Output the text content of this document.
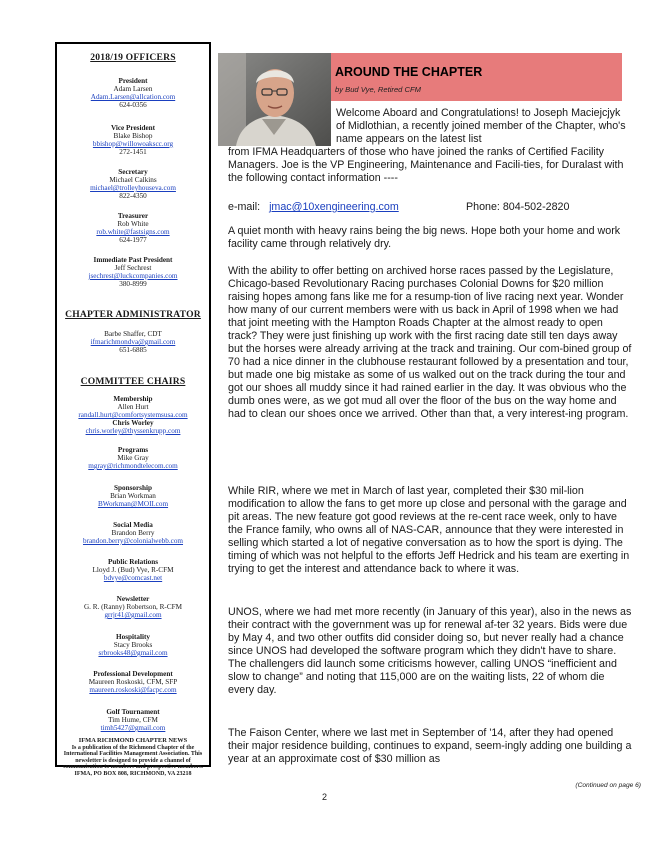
2018/19 OFFICERS
President
Adam Larsen
Adam.Larsen@allcation.com
624-0356
Vice President
Blake Bishop
bbishop@willowoakscc.org
272-1451
Secretary
Michael Calkins
michael@trolleyhouseva.com
822-4350
Treasurer
Rob White
rob.white@fastsigns.com
624-1977
Immediate Past President
Jeff Sechrest
jsechrest@luckcompanies.com
380-8999
CHAPTER ADMINISTRATOR
Barbe Shaffer, CDT
ifmarichmondva@gmail.com
651-6885
COMMITTEE CHAIRS
Membership
Allen Hurt
randall.hurt@comfortsystemsusa.com
Chris Worley
chris.worley@thyssenkrupp.com
Programs
Mike Gray
mgray@richmondtelecom.com
Sponsorship
Brian Workman
BWorkman@MOII.com
Social Media
Brandon Berry
brandon.berry@colonialwebb.com
Public Relations
Lloyd J. (Bud) Vye, R-CFM
bdvye@comcast.net
Newsletter
G. R. (Ranny) Robertson, R-CFM
grrjr41@gmail.com
Hospitality
Stacy Brooks
srbrooks48@gmail.com
Professional Development
Maureen Roskoski, CFM, SFP
maureen.roskoski@facpc.com
Golf Tournament
Tim Hume, CFM
timh5427@gmail.com
IFMA RICHMOND CHAPTER NEWS
Is a publication of the Richmond Chapter of the International Facilities Management Association. This newsletter is designed to provide a channel of communication to members and prospective members.
IFMA, PO BOX 808, RICHMOND, VA 23218
AROUND THE CHAPTER
by Bud Vye, Retired CFM
Welcome Aboard and Congratulations! to Joseph Maciejcjyk of Midlothian, a recently joined member of the Chapter, who's name appears on the latest list
from IFMA Headquarters of those who have joined the ranks of Certified Facility Managers. Joe is the VP Engineering, Maintenance and Facili-ties, for Duralast with the following contact information ----
e-mail: jmac@10xengineering.com	Phone: 804-502-2820
A quiet month with heavy rains being the big news. Hope both your home and work facility came through relatively dry.
With the ability to offer betting on archived horse races passed by the Legislature, Chicago-based Revolutionary Racing purchases Colonial Downs for $20 million raising hopes among fans like me for a resump-tion of live racing next year. Wonder how many of our current members were with us back in April of 1998 when we had that joint meeting with the Hampton Roads Chapter at the almost ready to open track? They were just finishing up work with the first racing date still ten days away but the horses were already arriving at the track and training. Our com-bined group of 70 had a nice dinner in the clubhouse restaurant followed by a presentation and tour, but made one big mistake as some of us walked out on the track during the tour and got our shoes all muddy since it had rained earlier in the day. It was obvious who the dumb ones were, as we got mud all over the floor of the bus on the way home and had to clean our shoes once we arrived. Other than that, a very interest-ing program.
While RIR, where we met in March of last year, completed their $30 mil-lion modification to allow the fans to get more up close and personal with the garage and pit areas. The new feature got good reviews at the re-cent race week, only to have the France family, who owns all of NAS-CAR, announce that they were interested in selling which started a lot of negative conversation as to how the sport is dying. The timing of which was not helpful to the efforts Jeff Hedrick and his team are exerting in trying to get the interest and attendance back to where it was.
UNOS, where we had met more recently (in January of this year), also in the news as their contract with the government was up for renewal af-ter 32 years. Bids were due by May 4, and two other outfits did consider doing so, but never really had a chance since UNOS had developed the software program which they didn't have to share. The challengers did launch some criticisms however, calling UNOS “inefficient and slow to change” and noting that 115,000 are on the waiting lists, 22 of whom die every day.
The Faison Center, where we last met in September of '14, after they had opened their major residence building, continues to expand, seem-ingly adding one building a year at an approximate cost of $30 million as
(Continued on page 6)
2
